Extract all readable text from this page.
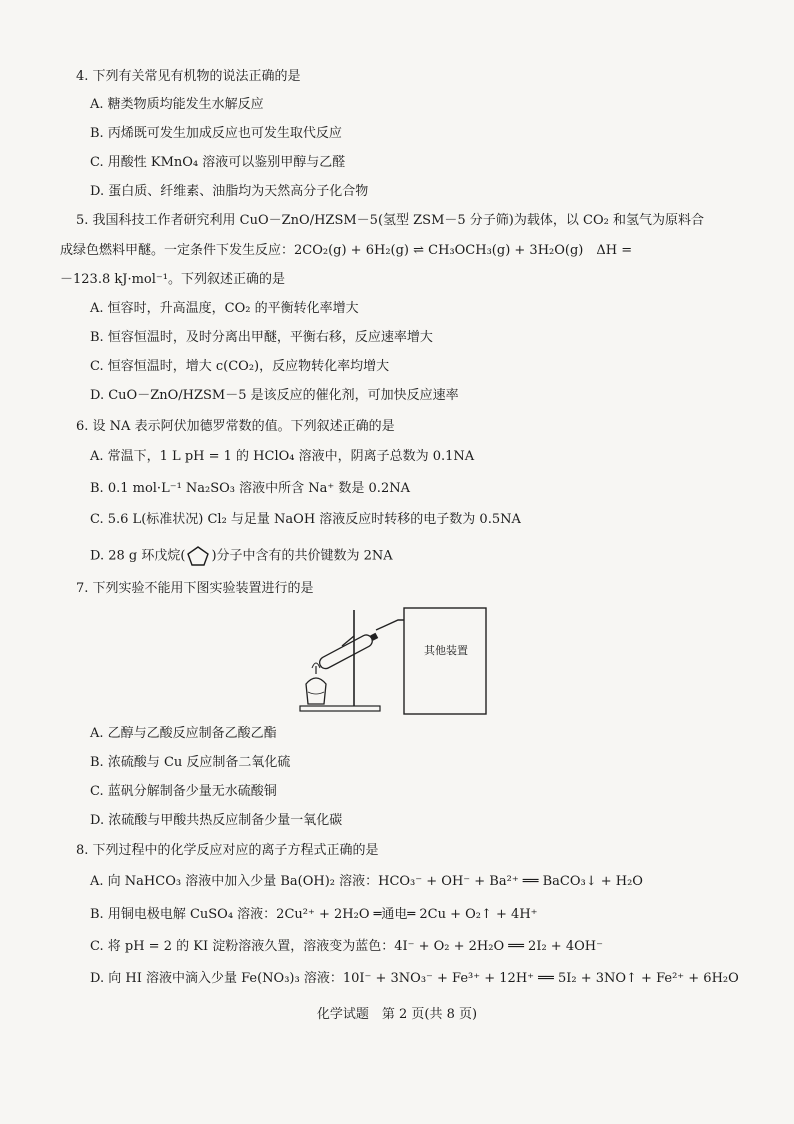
4. 下列有关常见有机物的说法正确的是
A. 糖类物质均能发生水解反应
B. 丙烯既可发生加成反应也可发生取代反应
C. 用酸性 KMnO₄ 溶液可以鉴别甲醇与乙醛
D. 蛋白质、纤维素、油脂均为天然高分子化合物
5. 我国科技工作者研究利用 CuO－ZnO/HZSM－5(氢型 ZSM－5 分子筛)为载体，以 CO₂ 和氢气为原料合
成绿色燃料甲醚。一定条件下发生反应：2CO₂(g) + 6H₂(g) ⇌ CH₃OCH₃(g) + 3H₂O(g)　ΔH =
－123.8 kJ·mol⁻¹。下列叙述正确的是
A. 恒容时，升高温度，CO₂ 的平衡转化率增大
B. 恒容恒温时，及时分离出甲醚，平衡右移，反应速率增大
C. 恒容恒温时，增大 c(CO₂)，反应物转化率均增大
D. CuO－ZnO/HZSM－5 是该反应的催化剂，可加快反应速率
6. 设 NA 表示阿伏加德罗常数的值。下列叙述正确的是
A. 常温下，1 L pH = 1 的 HClO₄ 溶液中，阴离子总数为 0.1NA
B. 0.1 mol·L⁻¹ Na₂SO₃ 溶液中所含 Na⁺ 数是 0.2NA
C. 5.6 L(标准状况) Cl₂ 与足量 NaOH 溶液反应时转移的电子数为 0.5NA
D. 28 g 环戊烷( )分子中含有的共价键数为 2NA
7. 下列实验不能用下图实验装置进行的是
其他装置
A. 乙醇与乙酸反应制备乙酸乙酯
B. 浓硫酸与 Cu 反应制备二氧化硫
C. 蓝矾分解制备少量无水硫酸铜
D. 浓硫酸与甲酸共热反应制备少量一氧化碳
8. 下列过程中的化学反应对应的离子方程式正确的是
A. 向 NaHCO₃ 溶液中加入少量 Ba(OH)₂ 溶液：HCO₃⁻ + OH⁻ + Ba²⁺ ══ BaCO₃↓ + H₂O
B. 用铜电极电解 CuSO₄ 溶液：2Cu²⁺ + 2H₂O ═通电═ 2Cu + O₂↑ + 4H⁺
C. 将 pH = 2 的 KI 淀粉溶液久置，溶液变为蓝色：4I⁻ + O₂ + 2H₂O ══ 2I₂ + 4OH⁻
D. 向 HI 溶液中滴入少量 Fe(NO₃)₃ 溶液：10I⁻ + 3NO₃⁻ + Fe³⁺ + 12H⁺ ══ 5I₂ + 3NO↑ + Fe²⁺ + 6H₂O
化学试题　第 2 页(共 8 页)
